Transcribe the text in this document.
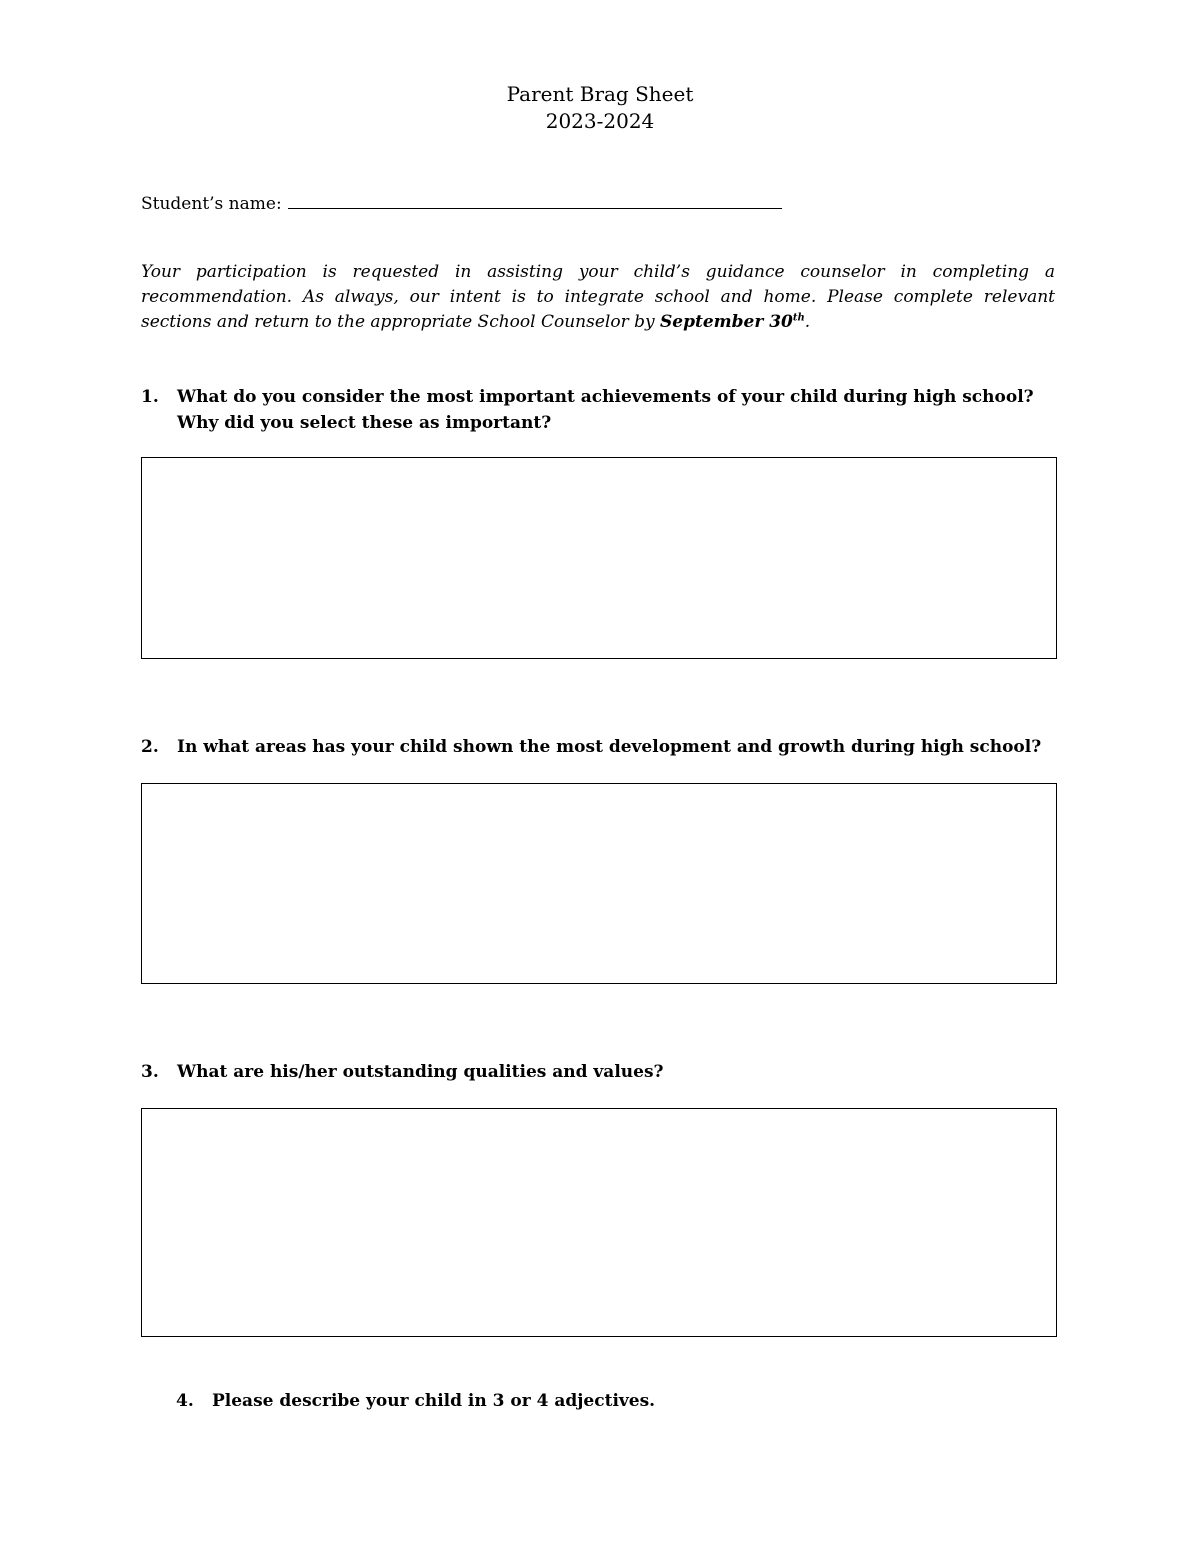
Parent Brag Sheet
2023-2024
Student’s name:
Your participation is requested in assisting your child’s guidance counselor in completing a recommendation. As always, our intent is to integrate school and home. Please complete relevant sections and return to the appropriate School Counselor by September 30th.
1.	What do you consider the most important achievements of your child during high school? Why did you select these as important?
2.	In what areas has your child shown the most development and growth during high school?
3.	What are his/her outstanding qualities and values?
4.	Please describe your child in 3 or 4 adjectives.
